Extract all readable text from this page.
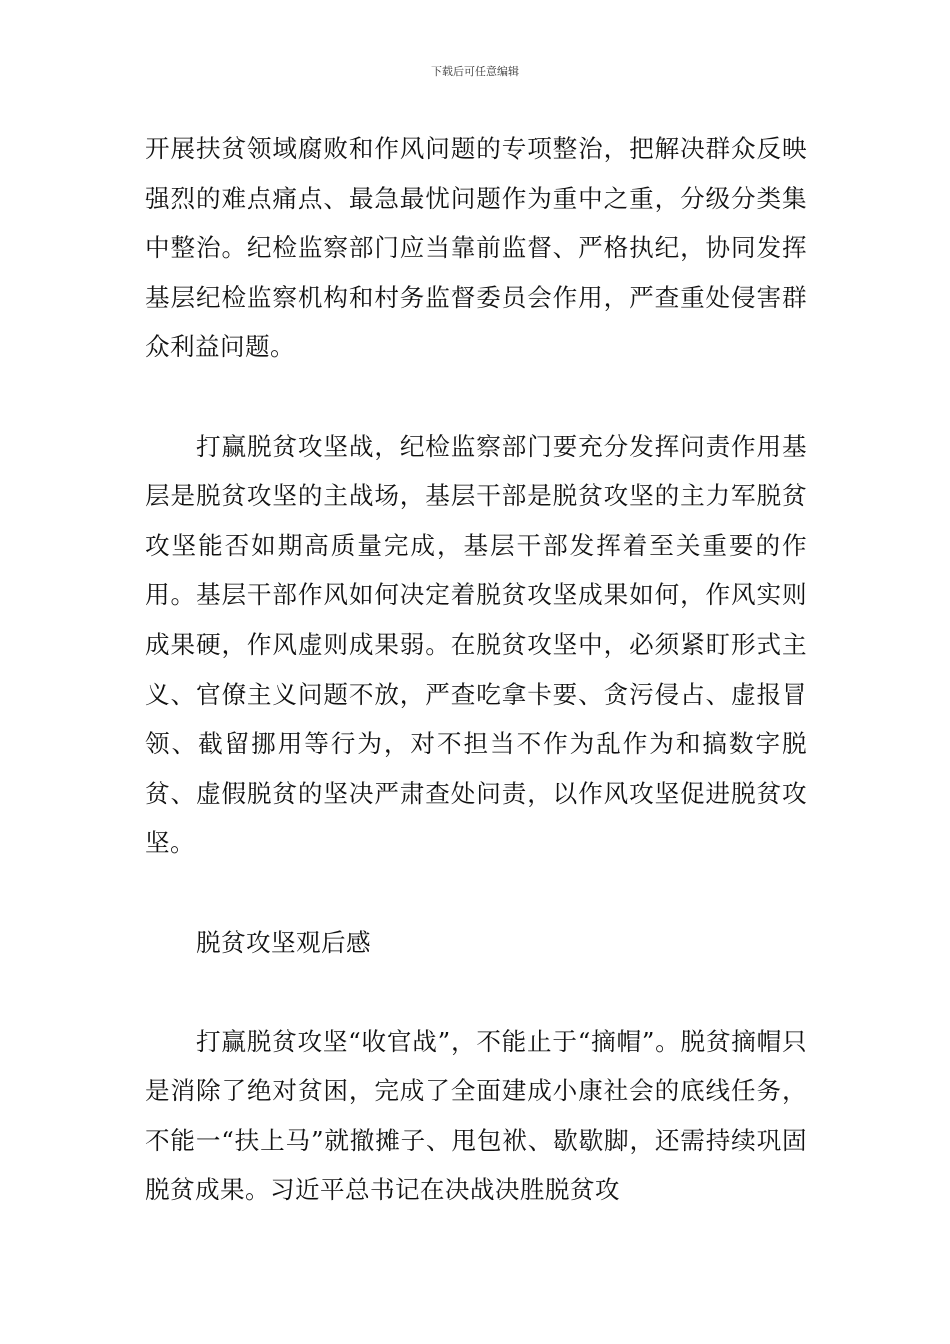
下载后可任意编辑

开展扶贫领域腐败和作风问题的专项整治，把解决群众反映强烈的难点痛点、最急最忧问题作为重中之重，分级分类集中整治。纪检监察部门应当靠前监督、严格执纪，协同发挥基层纪检监察机构和村务监督委员会作用，严查重处侵害群众利益问题。

打赢脱贫攻坚战，纪检监察部门要充分发挥问责作用基层是脱贫攻坚的主战场，基层干部是脱贫攻坚的主力军脱贫攻坚能否如期高质量完成，基层干部发挥着至关重要的作用。基层干部作风如何决定着脱贫攻坚成果如何，作风实则成果硬，作风虚则成果弱。在脱贫攻坚中，必须紧盯形式主义、官僚主义问题不放，严查吃拿卡要、贪污侵占、虚报冒领、截留挪用等行为，对不担当不作为乱作为和搞数字脱贫、虚假脱贫的坚决严肃查处问责，以作风攻坚促进脱贫攻坚。

脱贫攻坚观后感

打赢脱贫攻坚“收官战”，不能止于“摘帽”。脱贫摘帽只是消除了绝对贫困，完成了全面建成小康社会的底线任务，不能一“扶上马”就撤摊子、甩包袱、歇歇脚，还需持续巩固脱贫成果。习近平总书记在决战决胜脱贫攻
